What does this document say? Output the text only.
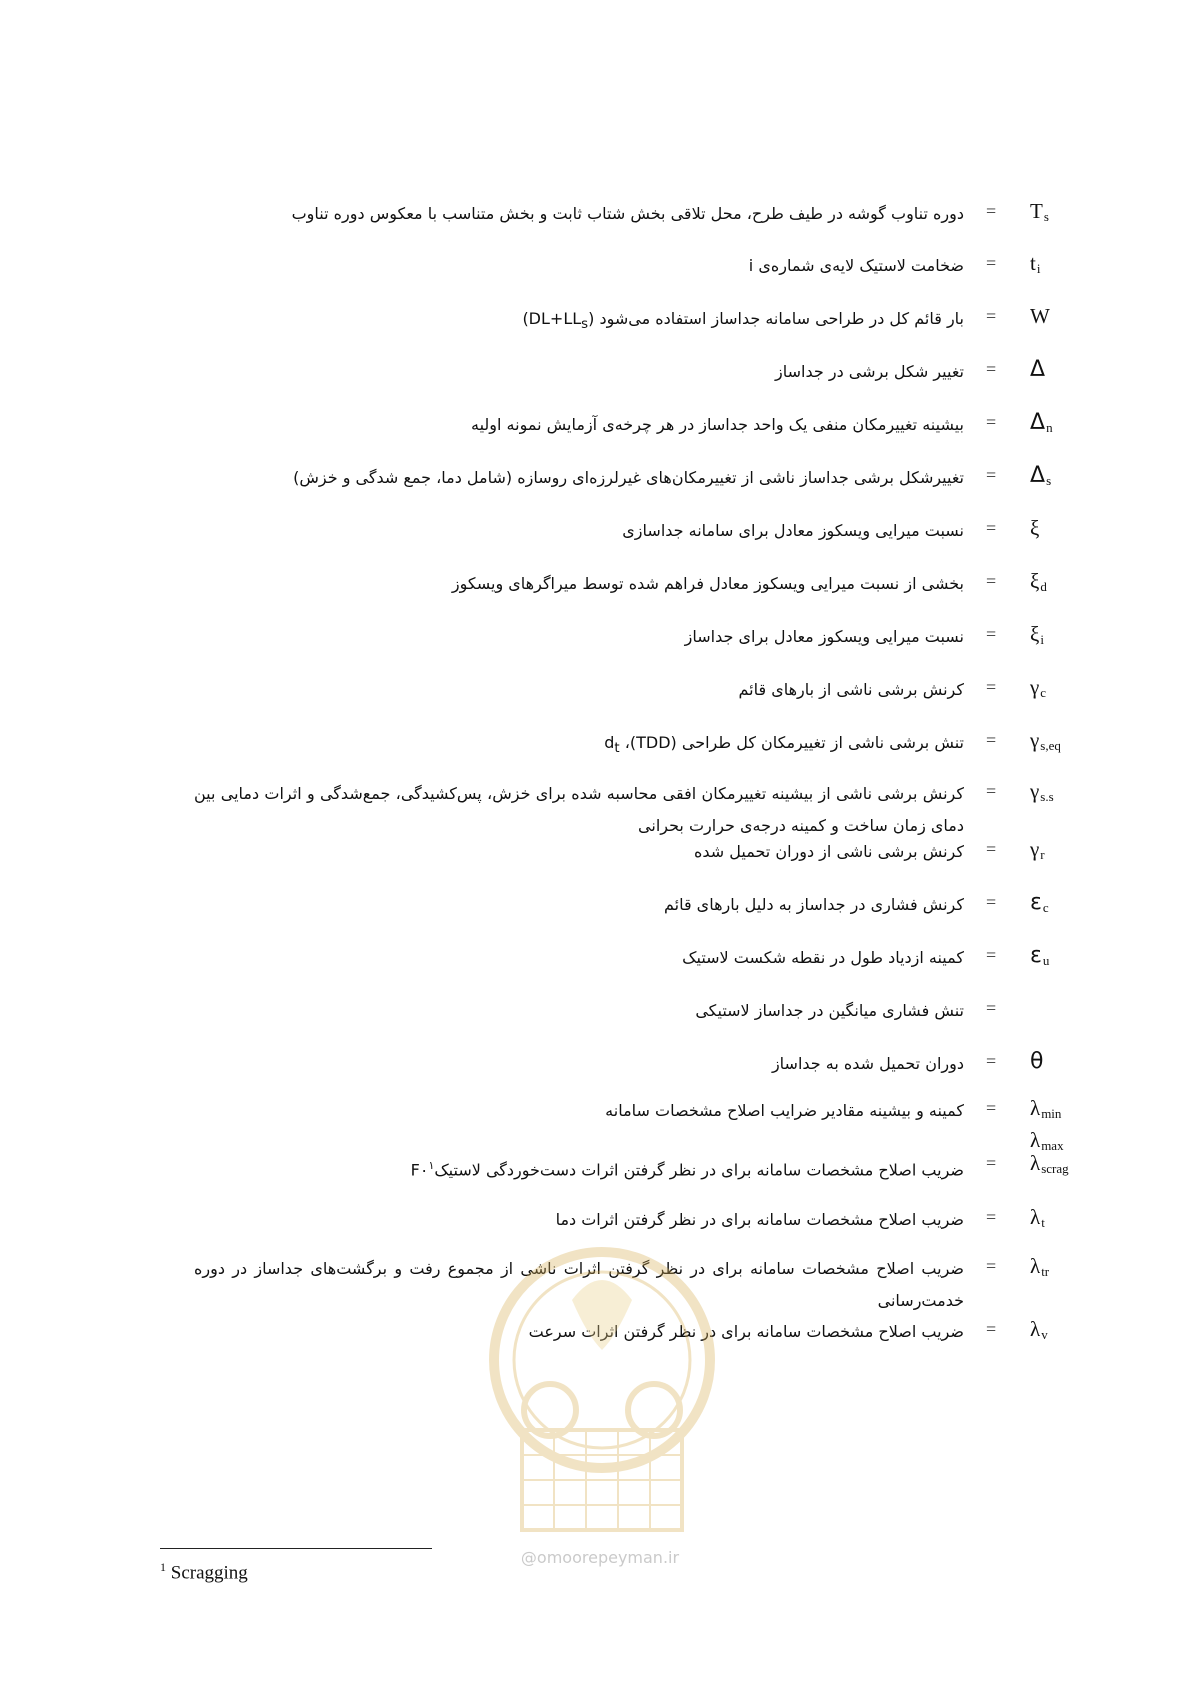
$T_s$
=
دوره تناوب گوشه در طیف طرح، محل تلاقی بخش شتاب ثابت و بخش متناسب با معکوس دوره تناوب
$t_i$
=
ضخامت لاستیک لایه‌ی شماره‌ی i
W
=
بار قائم کل در طراحی سامانه جداساز استفاده می‌شود $(DL+LL_s)$
Δ
=
تغییر شکل برشی در جداساز
$\Delta_n$
=
بیشینه تغییرمکان منفی یک واحد جداساز در هر چرخه‌ی آزمایش نمونه اولیه
$\Delta_s$
=
تغییرشکل برشی جداساز ناشی از تغییرمکان‌های غیرلرزه‌ای روسازه (شامل دما، جمع شدگی و خزش)
ξ
=
نسبت میرایی ویسکوز معادل برای سامانه جداسازی
$\xi_d$
=
بخشی از نسبت میرایی ویسکوز معادل فراهم شده توسط میراگرهای ویسکوز
$\xi_i$
=
نسبت میرایی ویسکوز معادل برای جداساز
$\gamma_c$
=
کرنش برشی ناشی از بارهای قائم
$\gamma_{s,eq}$
=
تنش برشی ناشی از تغییرمکان کل طراحی (TDD)، $d_t$
$\gamma_{s.s}$
=
کرنش برشی ناشی از بیشینه تغییرمکان افقی محاسبه شده برای خزش، پس‌کشیدگی، جمع‌شدگی و اثرات دمایی بین دمای زمان ساخت و کمینه درجه‌ی حرارت بحرانی
$\gamma_r$
=
کرنش برشی ناشی از دوران تحمیل شده
$\varepsilon_c$
=
کرنش فشاری در جداساز به دلیل بارهای قائم
$\varepsilon_u$
=
کمینه ازدیاد طول در نقطه شکست لاستیک
=
تنش فشاری میانگین در جداساز لاستیکی
θ
=
دوران تحمیل شده به جداساز
$\lambda_{min}$
$\lambda_{max}$
=
کمینه و بیشینه مقادیر ضرایب اصلاح مشخصات سامانه
$\lambda_{scrag}$
=
ضریب اصلاح مشخصات سامانه برای در نظر گرفتن اثرات دست‌خوردگی $لاستیکF۰^۱$
$\lambda_t$
=
ضریب اصلاح مشخصات سامانه برای در نظر گرفتن اثرات دما
$\lambda_{tr}$
=
ضریب اصلاح مشخصات سامانه برای در نظر گرفتن اثرات ناشی از مجموع رفت و برگشت‌های جداساز در دوره خدمت‌رسانی
$\lambda_v$
=
ضریب اصلاح مشخصات سامانه برای در نظر گرفتن اثرات سرعت
@omoorepeyman.ir
$^1$ Scragging
